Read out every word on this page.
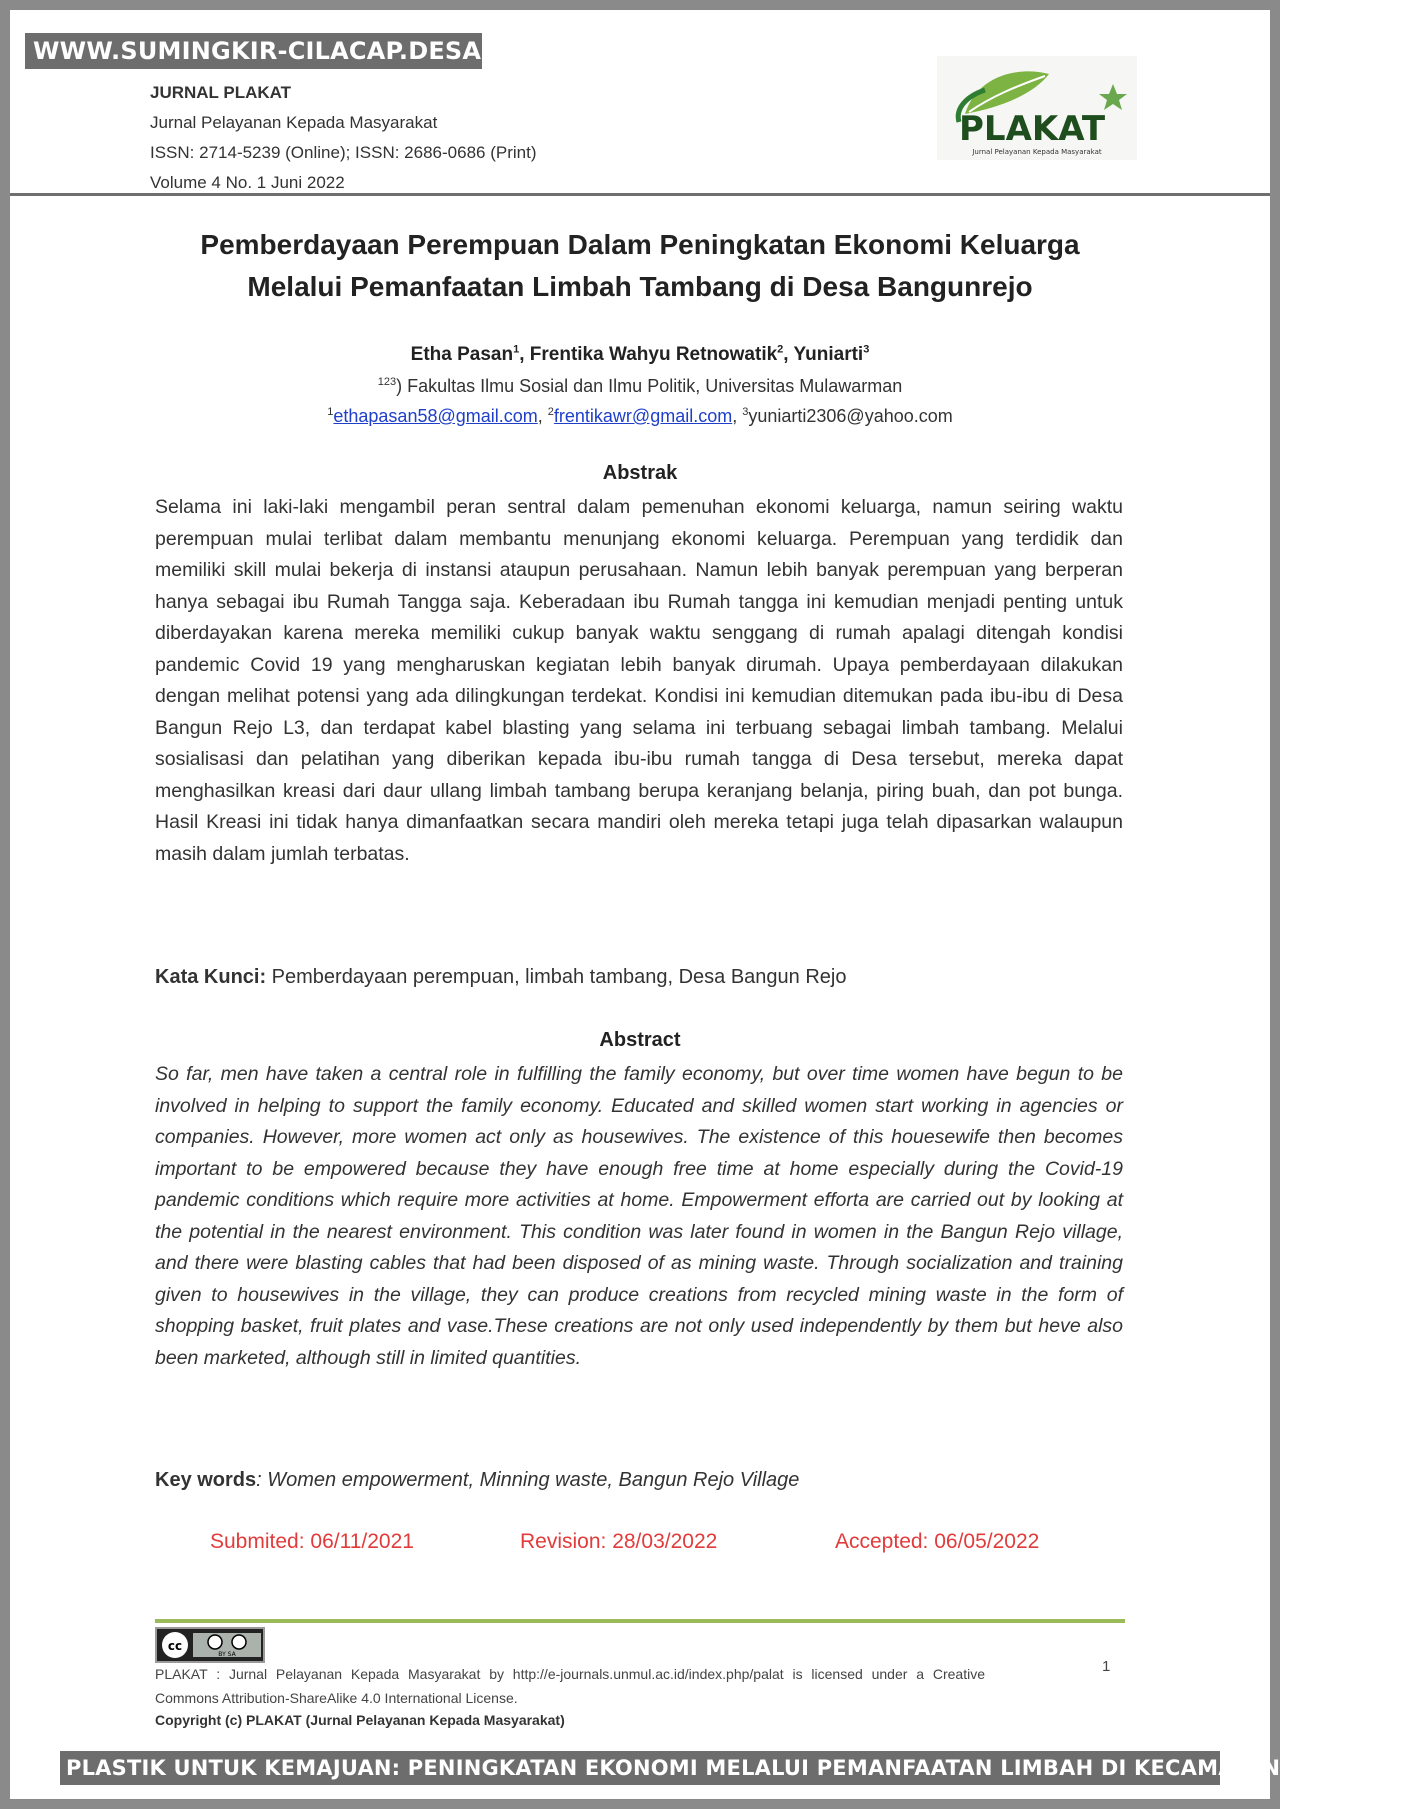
WWW.SUMINGKIR-CILACAP.DESA.ID
JURNAL PLAKAT
Jurnal Pelayanan Kepada Masyarakat
ISSN: 2714-5239 (Online); ISSN: 2686-0686 (Print)
Volume 4 No. 1 Juni 2022
PLAKAT
Jurnal Pelayanan Kepada Masyarakat
Pemberdayaan Perempuan Dalam Peningkatan Ekonomi Keluarga
Melalui Pemanfaatan Limbah Tambang di Desa Bangunrejo
Etha Pasan$^1$, Frentika Wahyu Retnowatik$^2$, Yuniarti$^3$
$^{123}$) Fakultas Ilmu Sosial dan Ilmu Politik, Universitas Mulawarman
$^1$ethapasan58@gmail.com, $^2$frentikawr@gmail.com, $^3$yuniarti2306@yahoo.com
Abstrak
Selama ini laki-laki mengambil peran sentral dalam pemenuhan ekonomi keluarga, namun seiring waktu perempuan mulai terlibat dalam membantu menunjang ekonomi keluarga. Perempuan yang terdidik dan memiliki skill mulai bekerja di instansi ataupun perusahaan. Namun lebih banyak perempuan yang berperan hanya sebagai ibu Rumah Tangga saja. Keberadaan ibu Rumah tangga ini kemudian menjadi penting untuk diberdayakan karena mereka memiliki cukup banyak waktu senggang di rumah apalagi ditengah kondisi pandemic Covid 19 yang mengharuskan kegiatan lebih banyak dirumah. Upaya pemberdayaan dilakukan dengan melihat potensi yang ada dilingkungan terdekat. Kondisi ini kemudian ditemukan pada ibu-ibu di Desa Bangun Rejo L3, dan terdapat kabel blasting yang selama ini terbuang sebagai limbah tambang. Melalui sosialisasi dan pelatihan yang diberikan kepada ibu-ibu rumah tangga di Desa tersebut, mereka dapat menghasilkan kreasi dari daur ullang limbah tambang berupa keranjang belanja, piring buah, dan pot bunga. Hasil Kreasi ini tidak hanya dimanfaatkan secara mandiri oleh mereka tetapi juga telah dipasarkan walaupun masih dalam jumlah terbatas.
Kata Kunci: Pemberdayaan perempuan, limbah tambang, Desa Bangun Rejo
Abstract
So far, men have taken a central role in fulfilling the family economy, but over time women have begun to be involved in helping to support the family economy. Educated and skilled women start working in agencies or companies. However, more women act only as housewives. The existence of this houesewife then becomes important to be empowered because they have enough free time at home especially during the Covid-19 pandemic conditions which require more activities at home. Empowerment efforta are carried out by looking at the potential in the nearest environment. This condition was later found in women in the Bangun Rejo village, and there were blasting cables that had been disposed of as mining waste. Through socialization and training given to housewives in the village, they can produce creations from recycled mining waste in the form of shopping basket, fruit plates and vase.These creations are not only used independently by them but heve also been marketed, although still in limited quantities.
Key words: Women empowerment, Minning waste, Bangun Rejo Village
Submited: 06/11/2021	Revision: 28/03/2022	Accepted: 06/05/2022
cc
BY SA
PLAKAT : Jurnal Pelayanan Kepada Masyarakat by http://e-journals.unmul.ac.id/index.php/palat is licensed under a Creative Commons Attribution-ShareAlike 4.0 International License.
Copyright (c) PLAKAT (Jurnal Pelayanan Kepada Masyarakat)
1
PLASTIK UNTUK KEMAJUAN: PENINGKATAN EKONOMI MELALUI PEMANFAATAN LIMBAH DI KECAMATAN JERUKLEGI
